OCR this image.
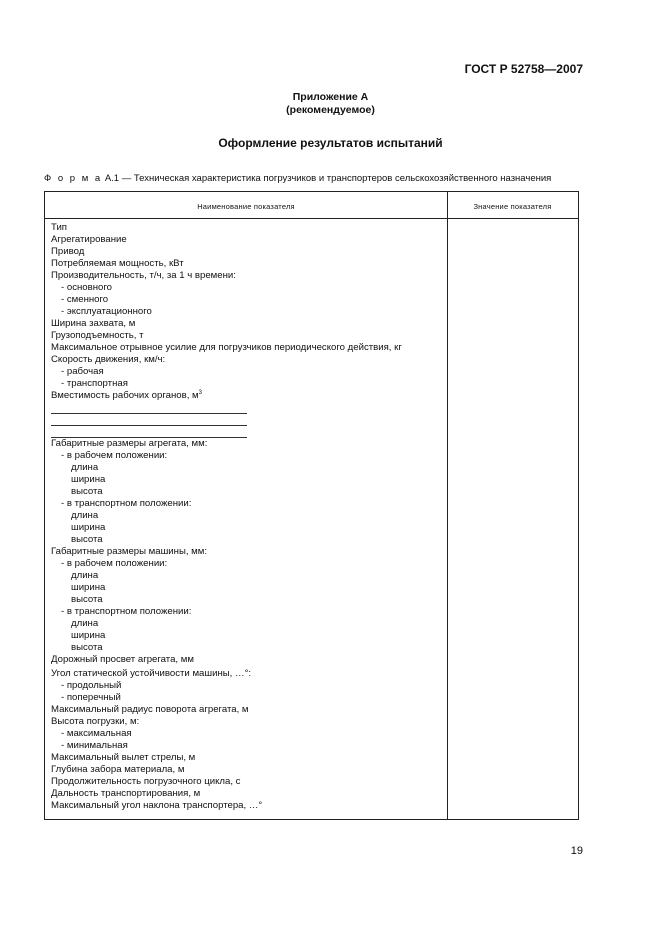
ГОСТ Р 52758—2007
Приложение А
(рекомендуемое)
Оформление результатов испытаний
Ф о р м а А.1 — Техническая характеристика погрузчиков и транспортеров сельскохозяйственного назначения
Наименование показателя	Значение показателя
Тип
Агрегатирование
Привод
Потребляемая мощность, кВт
Производительность, т/ч, за 1 ч времени:
- основного
- сменного
- эксплуатационного
Ширина захвата, м
Грузоподъемность, т
Максимальное отрывное усилие для погрузчиков периодического действия, кг
Скорость движения, км/ч:
- рабочая
- транспортная
Вместимость рабочих органов, $м^3$
Габаритные размеры агрегата, мм:
- в рабочем положении:
длина
ширина
высота
- в транспортном положении:
длина
ширина
высота
Габаритные размеры машины, мм:
- в рабочем положении:
длина
ширина
высота
- в транспортном положении:
длина
ширина
высота
Дорожный просвет агрегата, мм
Угол статической устойчивости машины, …°:
- продольный
- поперечный
Максимальный радиус поворота агрегата, м
Высота погрузки, м:
- максимальная
- минимальная
Максимальный вылет стрелы, м
Глубина забора материала, м
Продолжительность погрузочного цикла, с
Дальность транспортирования, м
Максимальный угол наклона транспортера, …°
19
